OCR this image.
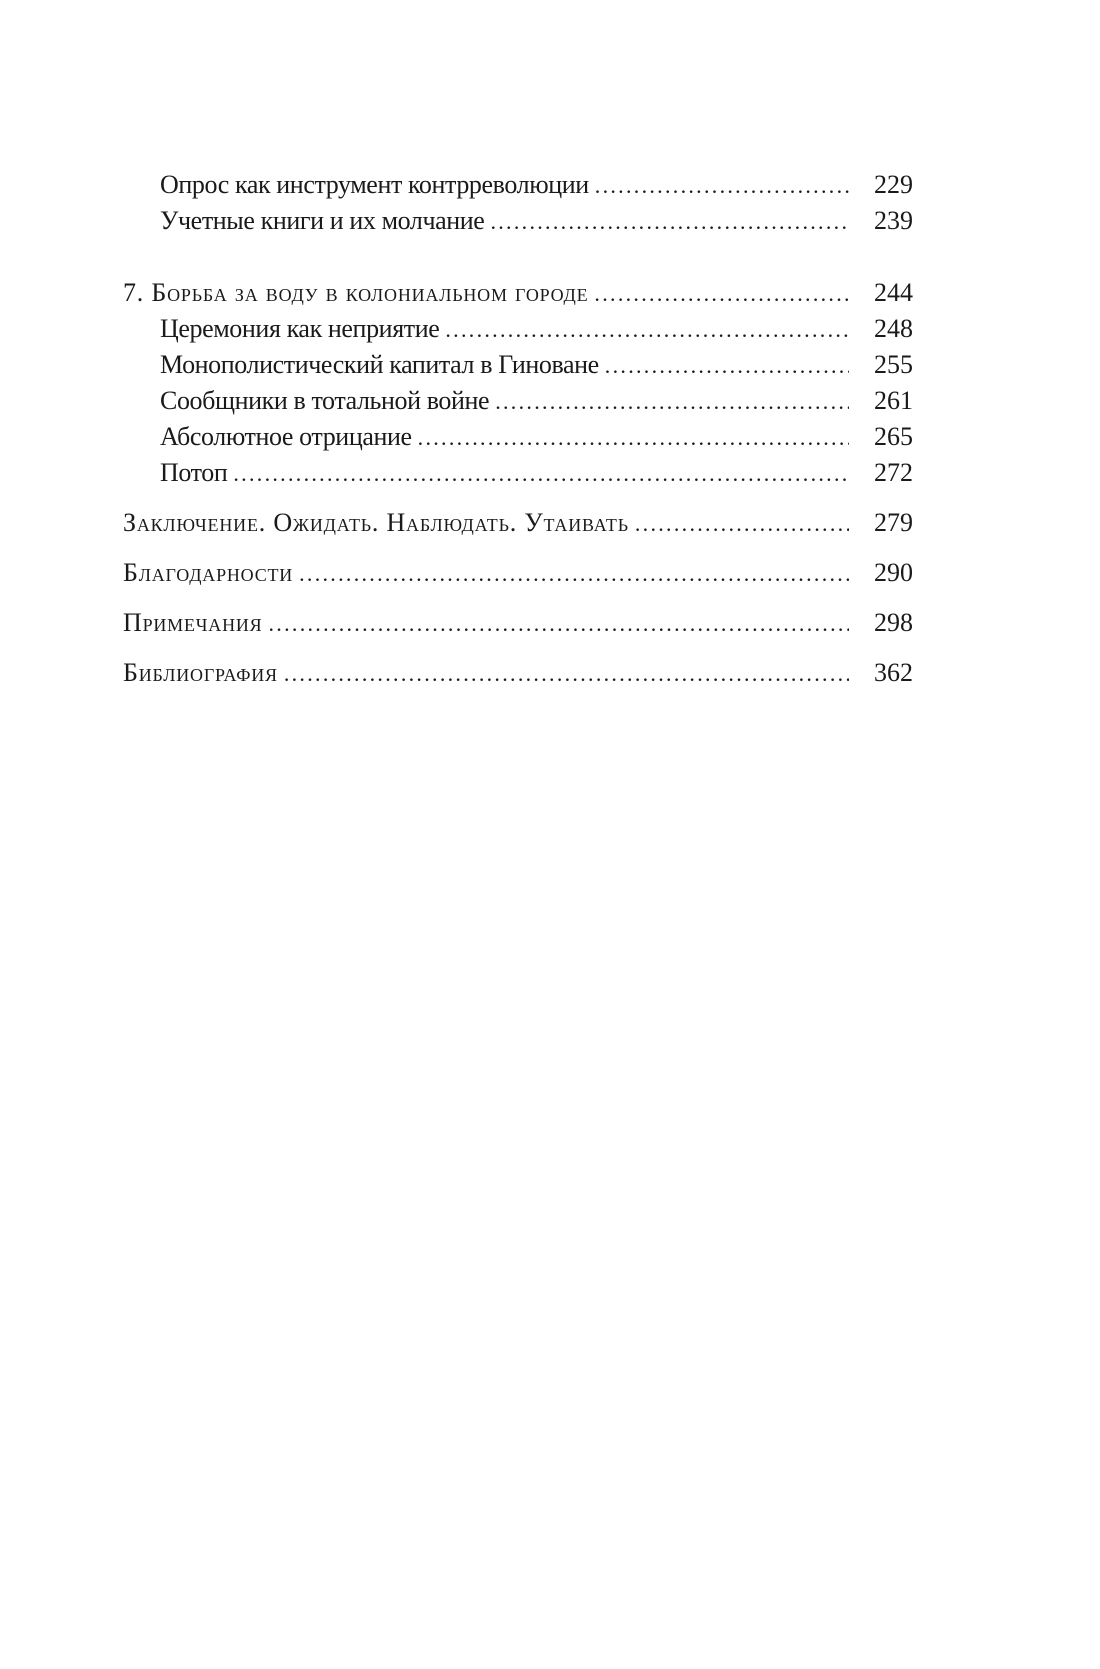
Опрос как инструмент контрреволюции . . .	229
Учетные книги и их молчание . . .	239
7. Борьба за воду в колониальном городе . . .	244
Церемония как неприятие . . .	248
Монополистический капитал в Гиноване . . .	255
Сообщники в тотальной войне . . .	261
Абсолютное отрицание . . .	265
Потоп . . .	272
Заключение. Ожидать. Наблюдать. Утаивать . . .	279
Благодарности . . .	290
Примечания . . .	298
Библиография . . .	362
